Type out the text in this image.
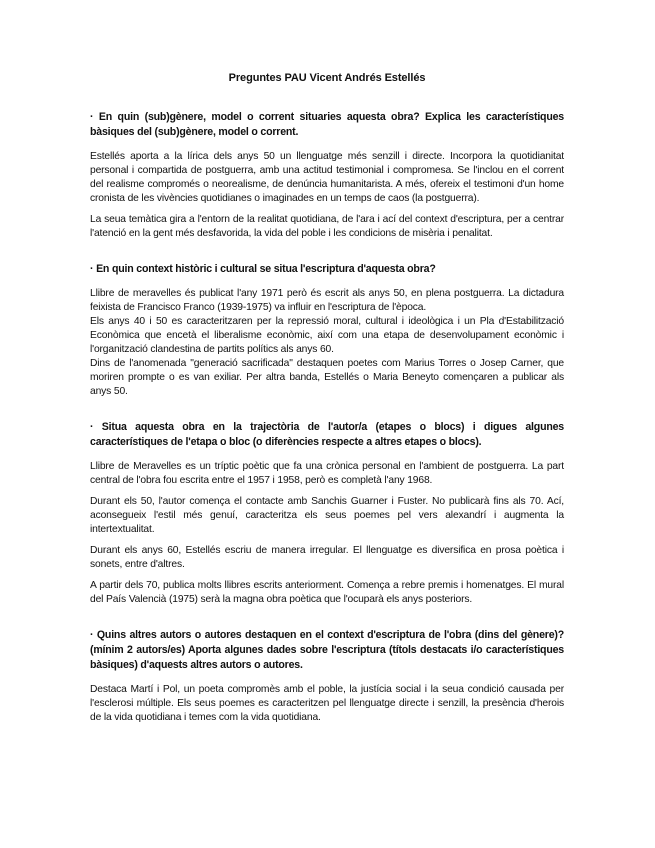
Preguntes PAU Vicent Andrés Estellés
· En quin (sub)gènere, model o corrent situaries aquesta obra? Explica les característiques bàsiques del (sub)gènere, model o corrent.
Estellés aporta a la lírica dels anys 50 un llenguatge més senzill i directe. Incorpora la quotidianitat personal i compartida de postguerra, amb una actitud testimonial i compromesa. Se l'inclou en el corrent del realisme compromés o neorealisme, de denúncia humanitarista. A més, ofereix el testimoni d'un home cronista de les vivències quotidianes o imaginades en un temps de caos (la postguerra).
La seua temàtica gira a l'entorn de la realitat quotidiana, de l'ara i ací del context d'escriptura, per a centrar l'atenció en la gent més desfavorida, la vida del poble i les condicions de misèria i penalitat.
· En quin context històric i cultural se situa l'escriptura d'aquesta obra?
Llibre de meravelles és publicat l'any 1971 però és escrit als anys 50, en plena postguerra. La dictadura feixista de Francisco Franco (1939-1975) va influir en l'escriptura de l'època.
Els anys 40 i 50 es caracteritzaren per la repressió moral, cultural i ideològica i un Pla d'Estabilització Econòmica que encetà el liberalisme econòmic, així com una etapa de desenvolupament econòmic i l'organització clandestina de partits polítics als anys 60.
Dins de l'anomenada "generació sacrificada" destaquen poetes com Marius Torres o Josep Carner, que moriren prompte o es van exiliar. Per altra banda, Estellés o Maria Beneyto començaren a publicar als anys 50.
· Situa aquesta obra en la trajectòria de l'autor/a (etapes o blocs) i digues algunes característiques de l'etapa o bloc (o diferències respecte a altres etapes o blocs).
Llibre de Meravelles es un tríptic poètic que fa una crònica personal en l'ambient de postguerra. La part central de l'obra fou escrita entre el 1957 i 1958, però es completà l'any 1968.
Durant els 50, l'autor comença el contacte amb Sanchis Guarner i Fuster. No publicarà fins als 70. Ací, aconsegueix l'estil més genuí, caracteritza els seus poemes pel vers alexandrí i augmenta la intertextualitat.
Durant els anys 60, Estellés escriu de manera irregular. El llenguatge es diversifica en prosa poètica i sonets, entre d'altres.
A partir dels 70, publica molts llibres escrits anteriorment. Comença a rebre premis i homenatges. El mural del País Valencià (1975) serà la magna obra poètica que l'ocuparà els anys posteriors.
· Quins altres autors o autores destaquen en el context d'escriptura de l'obra (dins del gènere)? (mínim 2 autors/es) Aporta algunes dades sobre l'escriptura (títols destacats i/o característiques bàsiques) d'aquests altres autors o autores.
Destaca Martí i Pol, un poeta compromès amb el poble, la justícia social i la seua condició causada per l'esclerosi múltiple. Els seus poemes es caracteritzen pel llenguatge directe i senzill, la presència d'herois de la vida quotidiana i temes com la vida quotidiana.
